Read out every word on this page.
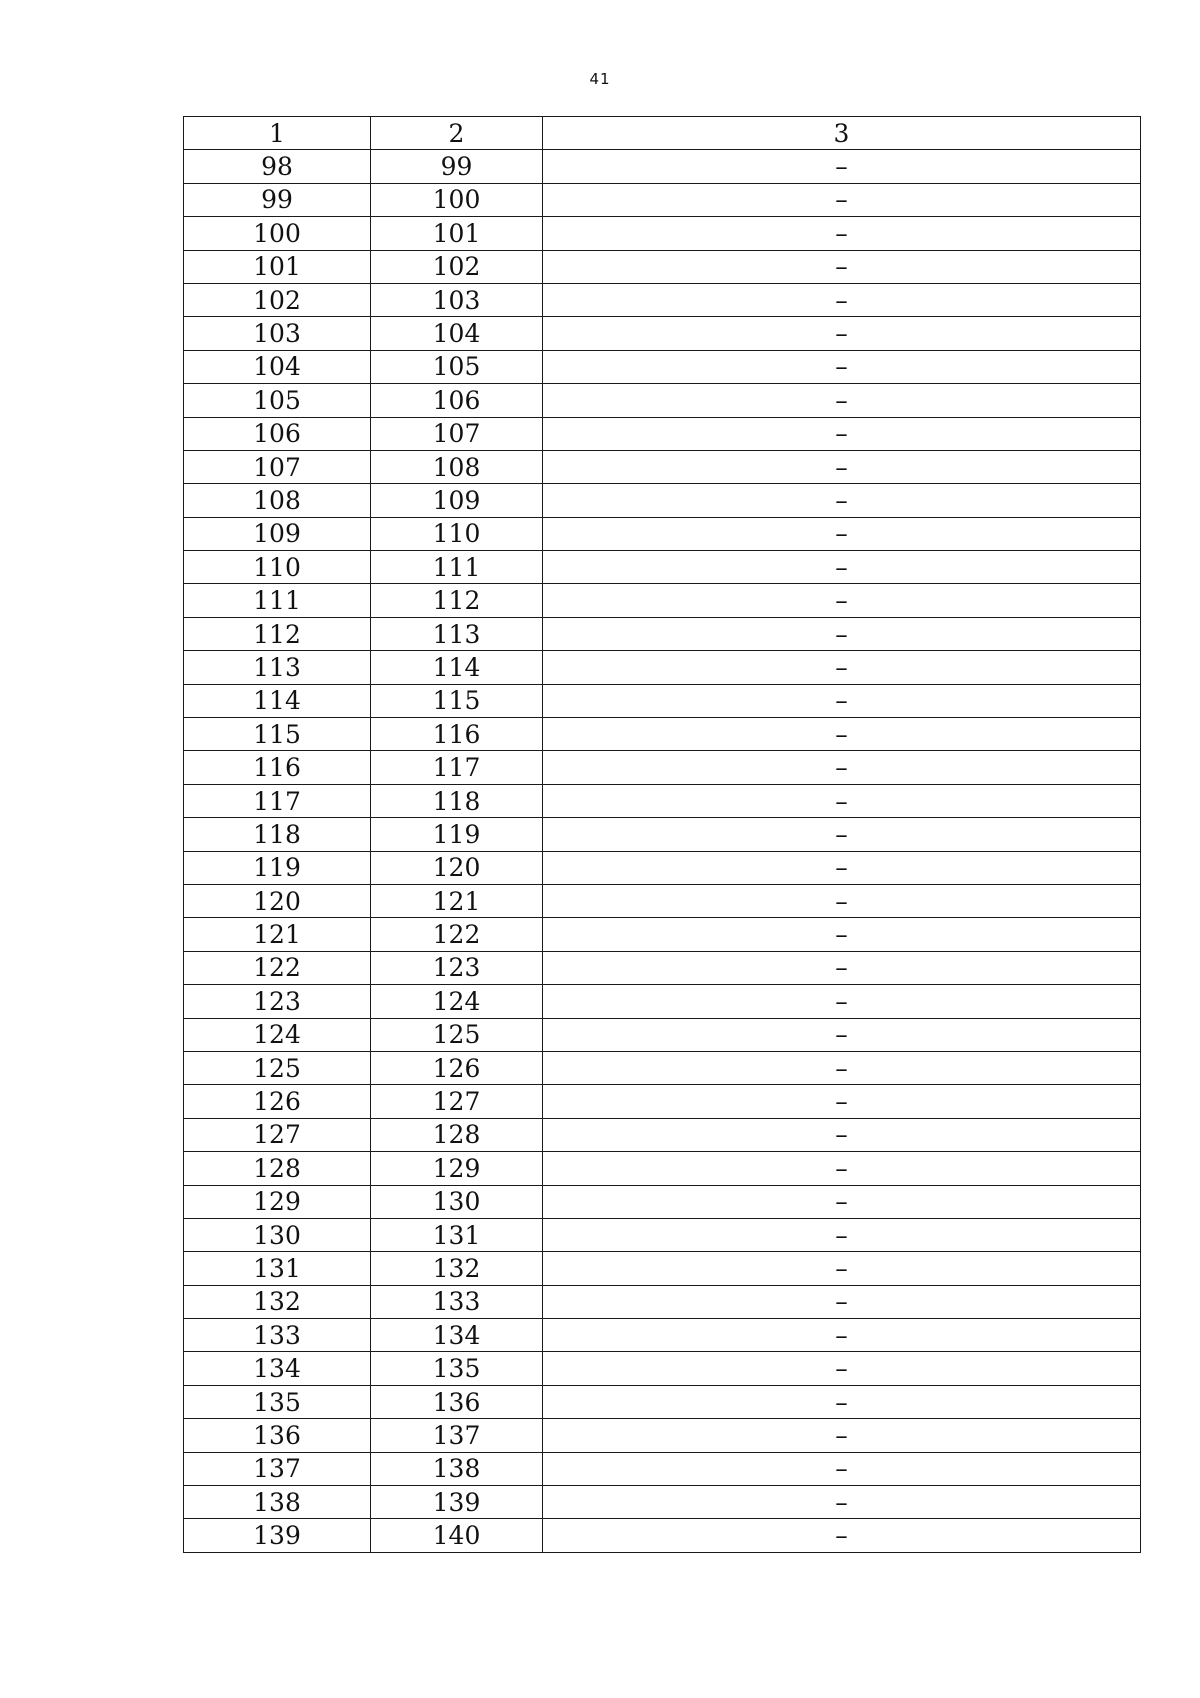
41
1	2	3
98	99	–
99	100	–
100	101	–
101	102	–
102	103	–
103	104	–
104	105	–
105	106	–
106	107	–
107	108	–
108	109	–
109	110	–
110	111	–
111	112	–
112	113	–
113	114	–
114	115	–
115	116	–
116	117	–
117	118	–
118	119	–
119	120	–
120	121	–
121	122	–
122	123	–
123	124	–
124	125	–
125	126	–
126	127	–
127	128	–
128	129	–
129	130	–
130	131	–
131	132	–
132	133	–
133	134	–
134	135	–
135	136	–
136	137	–
137	138	–
138	139	–
139	140	–
